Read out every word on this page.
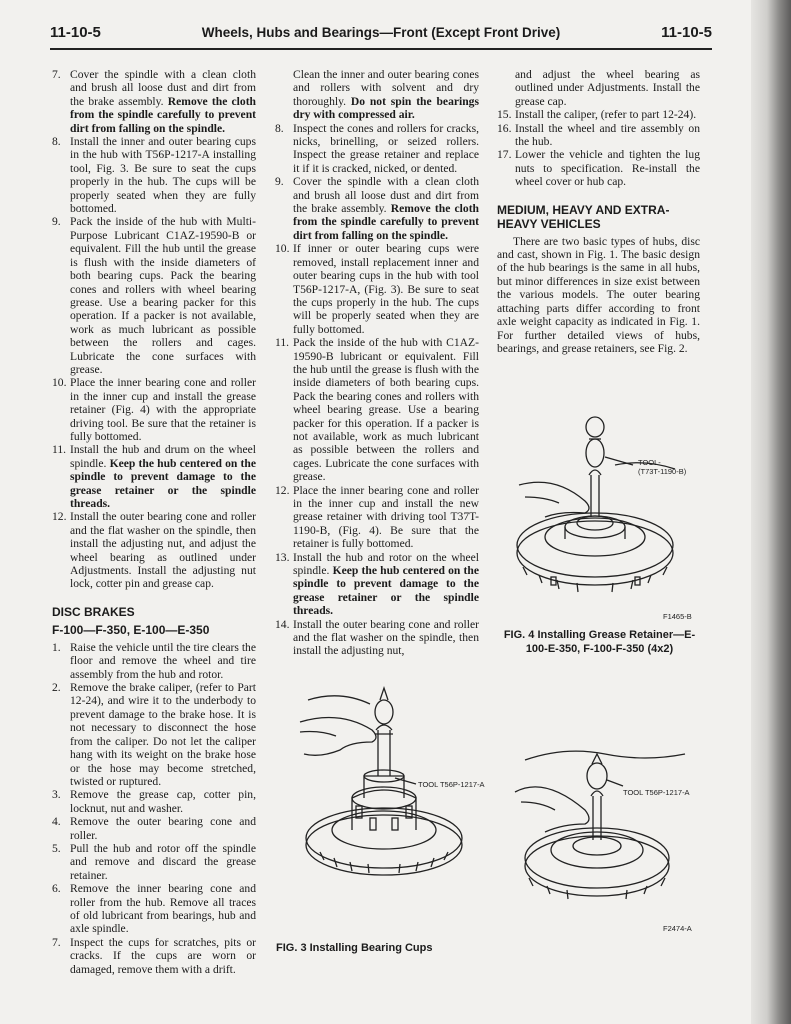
11-10-5	Wheels, Hubs and Bearings—Front (Except Front Drive)	11-10-5
7. Cover the spindle with a clean cloth and brush all loose dust and dirt from the brake assembly. Remove the cloth from the spindle carefully to prevent dirt from falling on the spindle.
8. Install the inner and outer bearing cups in the hub with T56P-1217-A installing tool, Fig. 3. Be sure to seat the cups properly in the hub. The cups will be properly seated when they are fully bottomed.
9. Pack the inside of the hub with Multi-Purpose Lubricant C1AZ-19590-B or equivalent. Fill the hub until the grease is flush with the inside diameters of both bearing cups. Pack the bearing cones and rollers with wheel bearing grease. Use a bearing packer for this operation. If a packer is not available, work as much lubricant as possible between the rollers and cages. Lubricate the cone surfaces with grease.
10. Place the inner bearing cone and roller in the inner cup and install the grease retainer (Fig. 4) with the appropriate driving tool. Be sure that the retainer is fully bottomed.
11. Install the hub and drum on the wheel spindle. Keep the hub centered on the spindle to prevent damage to the grease retainer or the spindle threads.
12. Install the outer bearing cone and roller and the flat washer on the spindle, then install the adjusting nut, and adjust the wheel bearing as outlined under Adjustments. Install the adjusting nut lock, cotter pin and grease cap.
DISC BRAKES
F-100—F-350, E-100—E-350
1. Raise the vehicle until the tire clears the floor and remove the wheel and tire assembly from the hub and rotor.
2. Remove the brake caliper, (refer to Part 12-24), and wire it to the underbody to prevent damage to the brake hose. It is not necessary to disconnect the hose from the caliper. Do not let the caliper hang with its weight on the brake hose or the hose may become stretched, twisted or ruptured.
3. Remove the grease cap, cotter pin, locknut, nut and washer.
4. Remove the outer bearing cone and roller.
5. Pull the hub and rotor off the spindle and remove and discard the grease retainer.
6. Remove the inner bearing cone and roller from the hub. Remove all traces of old lubricant from bearings, hub and axle spindle.
7. Inspect the cups for scratches, pits or cracks. If the cups are worn or damaged, remove them with a drift.

Clean the inner and outer bearing cones and rollers with solvent and dry thoroughly. Do not spin the bearings dry with compressed air.

8. Inspect the cones and rollers for cracks, nicks, brinelling, or seized rollers. Inspect the grease retainer and replace it if it is cracked, nicked, or dented.
9. Cover the spindle with a clean cloth and brush all loose dust and dirt from the brake assembly. Remove the cloth from the spindle carefully to prevent dirt from falling on the spindle.
10. If inner or outer bearing cups were removed, install replacement inner and outer bearing cups in the hub with tool T56P-1217-A, (Fig. 3). Be sure to seat the cups properly in the hub. The cups will be properly seated when they are fully bottomed.
11. Pack the inside of the hub with C1AZ-19590-B lubricant or equivalent. Fill the hub until the grease is flush with the inside diameters of both bearing cups. Pack the bearing cones and rollers with wheel bearing grease. Use a bearing packer for this operation. If a packer is not available, work as much lubricant as possible between the rollers and cages. Lubricate the cone surfaces with grease.
12. Place the inner bearing cone and roller in the inner cup and install the new grease retainer with driving tool T37T-1190-B, (Fig. 4). Be sure that the retainer is fully bottomed.
13. Install the hub and rotor on the wheel spindle. Keep the hub centered on the spindle to prevent damage to the grease retainer or the spindle threads.
14. Install the outer bearing cone and roller and the flat washer on the spindle, then install the adjusting nut,
TOOL T56P-1217-A
FIG. 3 Installing Bearing Cups

and adjust the wheel bearing as outlined under Adjustments. Install the grease cap.

15. Install the caliper, (refer to part 12-24).
16. Install the wheel and tire assembly on the hub.
17. Lower the vehicle and tighten the lug nuts to specification. Re-install the wheel cover or hub cap.
MEDIUM, HEAVY AND EXTRA-
HEAVY VEHICLES

There are two basic types of hubs, disc and cast, shown in Fig. 1. The basic design of the hub bearings is the same in all hubs, but minor differences in size exist between the various models. The outer bearing attaching parts differ according to front axle weight capacity as indicated in Fig. 1. For further detailed views of hubs, bearings, and grease retainers, see Fig. 2.

TOOL-
(T73T-1190-B)
F1465-B
FIG. 4 Installing Grease Retainer—E-
100-E-350, F-100-F-350 (4x2)
TOOL T56P-1217-A
F2474-A
